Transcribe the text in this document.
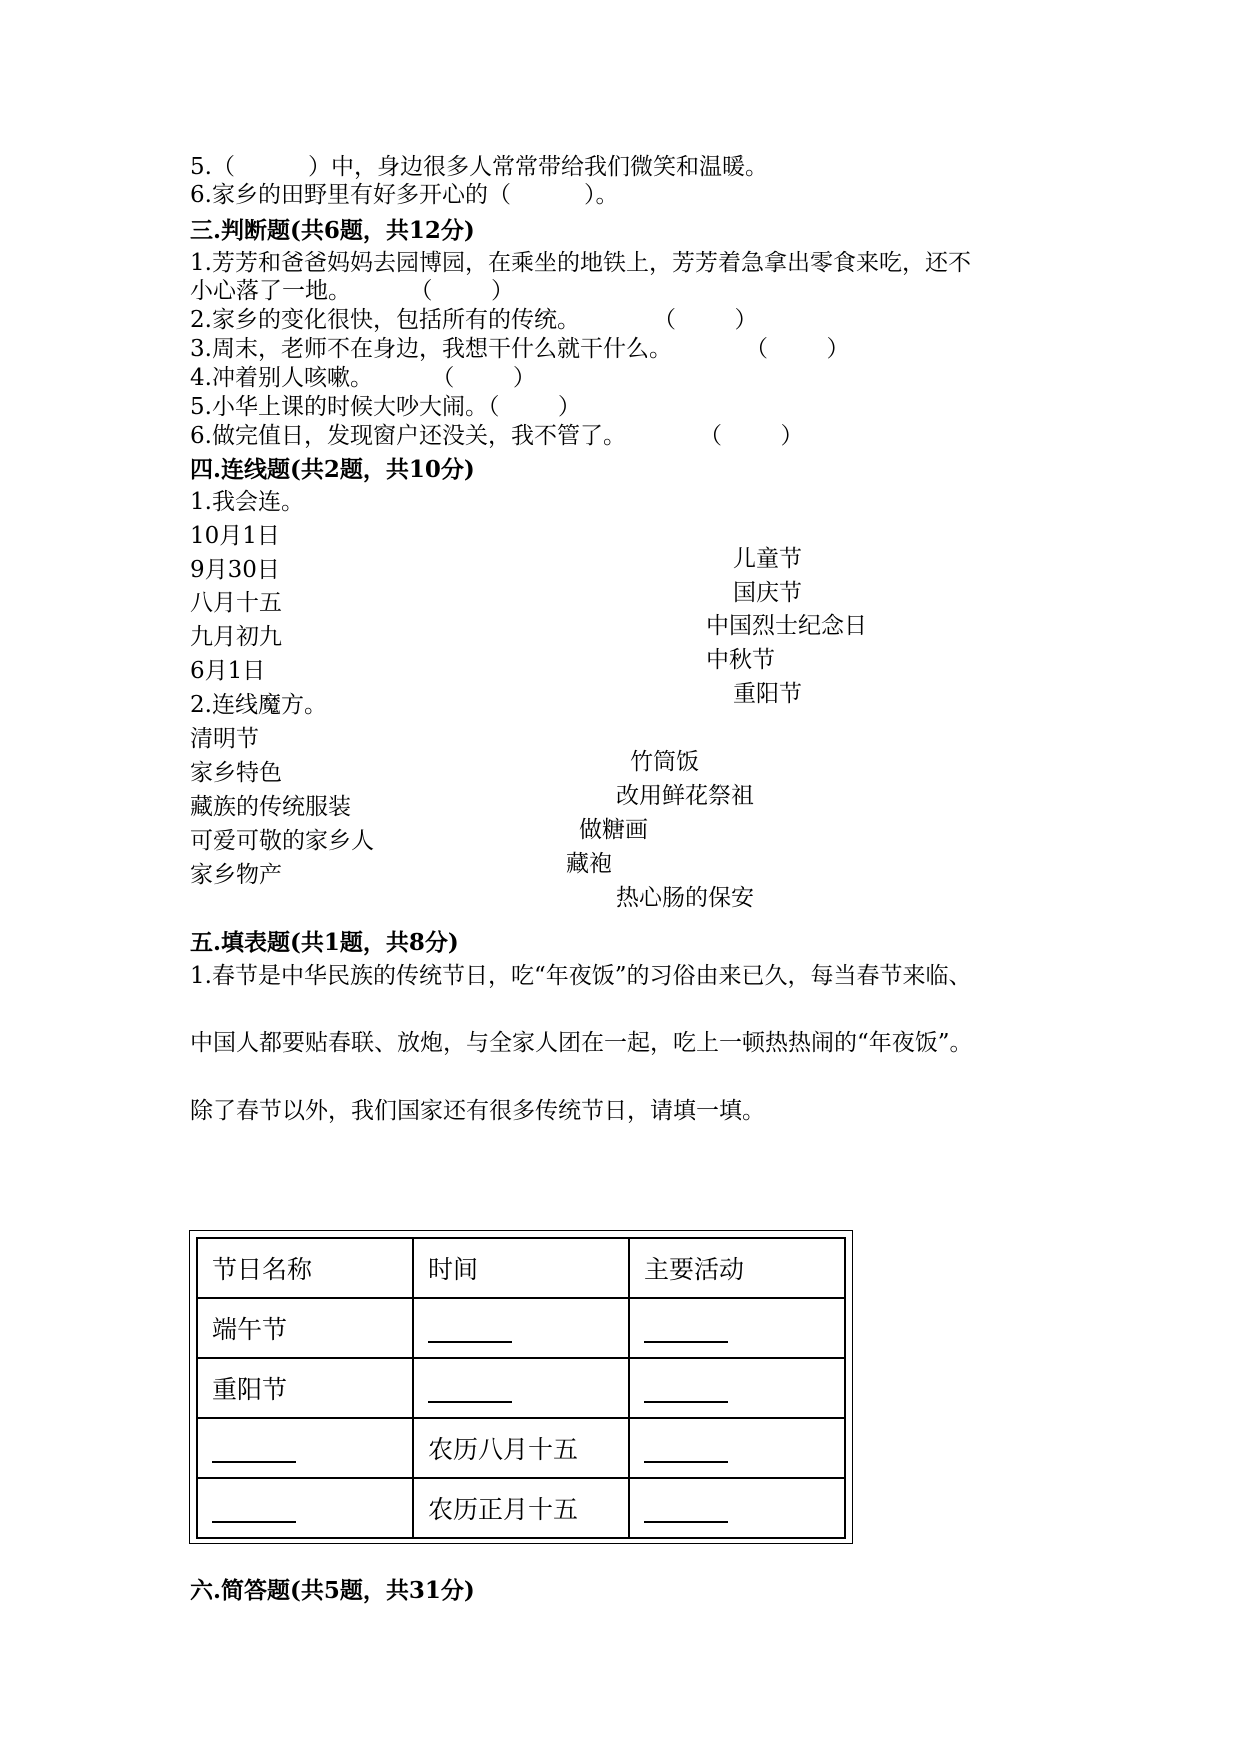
5.（          ）中，身边很多人常常带给我们微笑和温暖。

6.家乡的田野里有好多开心的（          ）。

三.判断题(共6题，共12分)

1.芳芳和爸爸妈妈去园博园，在乘坐的地铁上，芳芳着急拿出零食来吃，还不

小心落了一地。        （        ）

2.家乡的变化很快，包括所有的传统。          （        ）

3.周末，老师不在身边，我想干什么就干什么。          （        ）

4.冲着别人咳嗽。        （        ）

5.小华上课的时候大吵大闹。（        ）

6.做完值日，发现窗户还没关，我不管了。          （        ）

四.连线题(共2题，共10分)

1.我会连。

10月1日

9月30日

八月十五

九月初九

6月1日

儿童节

国庆节

中国烈士纪念日

中秋节

重阳节

2.连线魔方。

清明节

家乡特色

藏族的传统服装

可爱可敬的家乡人

家乡物产

竹筒饭

改用鲜花祭祖

做糖画

藏袍

热心肠的保安

五.填表题(共1题，共8分)

1.春节是中华民族的传统节日，吃“年夜饭”的习俗由来已久，每当春节来临、

中国人都要贴春联、放炮，与全家人团在一起，吃上一顿热热闹的“年夜饭”。

除了春节以外，我们国家还有很多传统节日，请填一填。

节日名称	时间	主要活动
端午节		
重阳节		
	农历八月十五	
	农历正月十五	

六.简答题(共5题，共31分)
